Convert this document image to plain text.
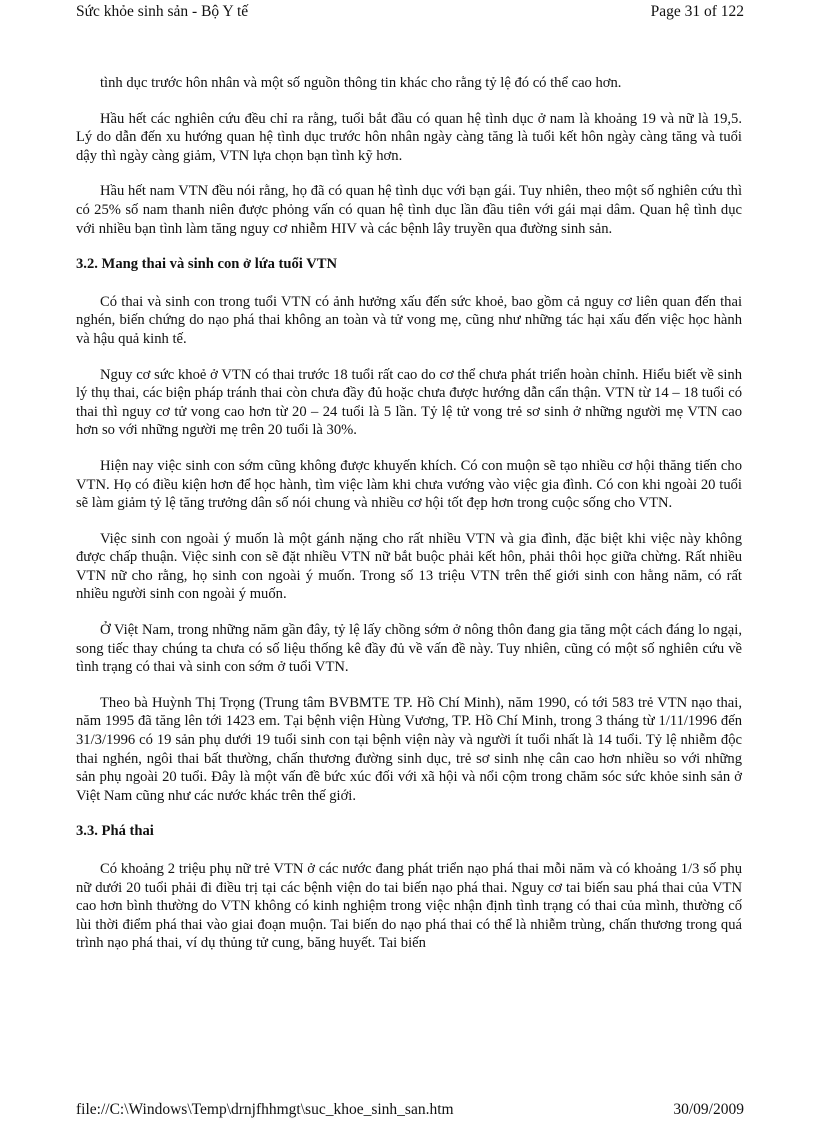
Sức khỏe sinh sản - Bộ Y tế	Page 31 of 122

tình dục trước hôn nhân và một số nguồn thông tin khác cho rằng tỷ lệ đó có thể cao hơn.

Hầu hết các nghiên cứu đều chỉ ra rằng, tuổi bắt đầu có quan hệ tình dục ở nam là khoảng 19 và nữ là 19,5. Lý do dẫn đến xu hướng quan hệ tình dục trước hôn nhân ngày càng tăng là tuổi kết hôn ngày càng tăng và tuổi dậy thì ngày càng giảm, VTN lựa chọn bạn tình kỹ hơn.

Hầu hết nam VTN đều nói rằng, họ đã có quan hệ tình dục với bạn gái. Tuy nhiên, theo một số nghiên cứu thì có 25% số nam thanh niên được phỏng vấn có quan hệ tình dục lần đầu tiên với gái mại dâm. Quan hệ tình dục với nhiều bạn tình làm tăng nguy cơ nhiễm HIV và các bệnh lây truyền qua đường sinh sản.

3.2. Mang thai và sinh con ở lứa tuổi VTN

Có thai và sinh con trong tuổi VTN có ảnh hưởng xấu đến sức khoẻ, bao gồm cả nguy cơ liên quan đến thai nghén, biến chứng do nạo phá thai không an toàn và tử vong mẹ, cũng như những tác hại xấu đến việc học hành và hậu quả kinh tế.

Nguy cơ sức khoẻ ở VTN có thai trước 18 tuổi rất cao do cơ thể chưa phát triển hoàn chỉnh. Hiểu biết về sinh lý thụ thai, các biện pháp tránh thai còn chưa đầy đủ hoặc chưa được hướng dẫn cẩn thận. VTN từ 14 – 18 tuổi có thai thì nguy cơ tử vong cao hơn từ 20 – 24 tuổi là 5 lần. Tỷ lệ tử vong trẻ sơ sinh ở những người mẹ VTN cao hơn so với những người mẹ trên 20 tuổi là 30%.

Hiện nay việc sinh con sớm cũng không được khuyến khích. Có con muộn sẽ tạo nhiều cơ hội thăng tiến cho VTN. Họ có điều kiện hơn để học hành, tìm việc làm khi chưa vướng vào việc gia đình. Có con khi ngoài 20 tuổi sẽ làm giảm tỷ lệ tăng trưởng dân số nói chung và nhiều cơ hội tốt đẹp hơn trong cuộc sống cho VTN.

Việc sinh con ngoài ý muốn là một gánh nặng cho rất nhiều VTN và gia đình, đặc biệt khi việc này không được chấp thuận. Việc sinh con sẽ đặt nhiều VTN nữ bắt buộc phải kết hôn, phải thôi học giữa chừng. Rất nhiều VTN nữ cho rằng, họ sinh con ngoài ý muốn. Trong số 13 triệu VTN trên thế giới sinh con hằng năm, có rất nhiều người sinh con ngoài ý muốn.

Ở Việt Nam, trong những năm gần đây, tỷ lệ lấy chồng sớm ở nông thôn đang gia tăng một cách đáng lo ngại, song tiếc thay chúng ta chưa có số liệu thống kê đầy đủ về vấn đề này. Tuy nhiên, cũng có một số nghiên cứu về tình trạng có thai và sinh con sớm ở tuổi VTN.

Theo bà Huỳnh Thị Trọng (Trung tâm BVBMTE TP. Hồ Chí Minh), năm 1990, có tới 583 trẻ VTN nạo thai, năm 1995 đã tăng lên tới 1423 em. Tại bệnh viện Hùng Vương, TP. Hồ Chí Minh, trong 3 tháng từ 1/11/1996 đến 31/3/1996 có 19 sản phụ dưới 19 tuổi sinh con tại bệnh viện này và người ít tuổi nhất là 14 tuổi. Tỷ lệ nhiễm độc thai nghén, ngôi thai bất thường, chấn thương đường sinh dục, trẻ sơ sinh nhẹ cân cao hơn nhiều so với những sản phụ ngoài 20 tuổi. Đây là một vấn đề bức xúc đối với xã hội và nổi cộm trong chăm sóc sức khỏe sinh sản ở Việt Nam cũng như các nước khác trên thế giới.

3.3. Phá thai

Có khoảng 2 triệu phụ nữ trẻ VTN ở các nước đang phát triển nạo phá thai mỗi năm và có khoảng 1/3 số phụ nữ dưới 20 tuổi phải đi điều trị tại các bệnh viện do tai biến nạo phá thai. Nguy cơ tai biến sau phá thai của VTN cao hơn bình thường do VTN không có kinh nghiệm trong việc nhận định tình trạng có thai của mình, thường cố lùi thời điểm phá thai vào giai đoạn muộn. Tai biến do nạo phá thai có thể là nhiễm trùng, chấn thương trong quá trình nạo phá thai, ví dụ thủng tử cung, băng huyết. Tai biến

file://C:\Windows\Temp\drnjfhhmgt\suc_khoe_sinh_san.htm	30/09/2009
